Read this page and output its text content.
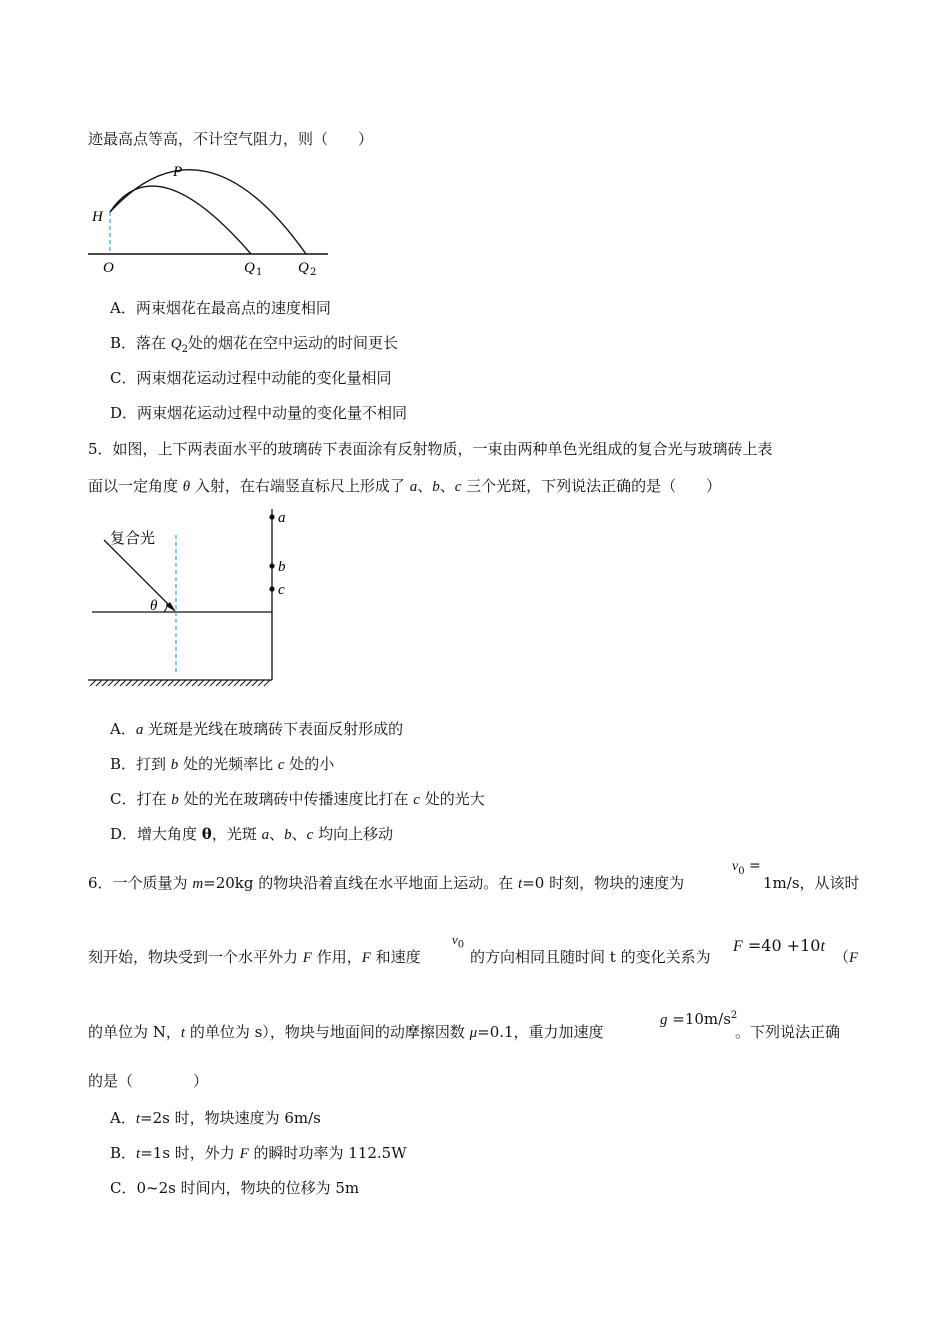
迹最高点等高，不计空气阻力，则（　　）
H
P
O	Q 1 Q 2
A．两束烟花在最高点的速度相同
B．落在 $Q_2$处的烟花在空中运动的时间更长
C．两束烟花运动过程中动能的变化量相同
D．两束烟花运动过程中动量的变化量不相同
5．如图，上下两表面水平的玻璃砖下表面涂有反射物质，一束由两种单色光组成的复合光与玻璃砖上表
面以一定角度 θ 入射，在右端竖直标尺上形成了 a、b、c 三个光斑，下列说法正确的是（　　）
复合光
θ
a
b
c
A．a 光斑是光线在玻璃砖下表面反射形成的
B．打到 b 处的光频率比 c 处的小
C．打在 b 处的光在玻璃砖中传播速度比打在 c 处的光大
D．增大角度 θ，光斑 a、b、c 均向上移动
6．一个质量为 m=20kg 的物块沿着直线在水平地面上运动。在 t=0 时刻，物块的速度为
$v_0$ =
1m/s，从该时
刻开始，物块受到一个水平外力 F 作用，F 和速度
$v_0$
的方向相同且随时间 t 的变化关系为
F =40 +10t
（F
的单位为 N，t 的单位为 s），物块与地面间的动摩擦因数 μ=0.1，重力加速度
$g =10m/s^2$
。下列说法正确
的是（　　　　）
A．t=2s 时，物块速度为 6m/s
B．t=1s 时，外力 F 的瞬时功率为 112.5W
C．0~2s 时间内，物块的位移为 5m
